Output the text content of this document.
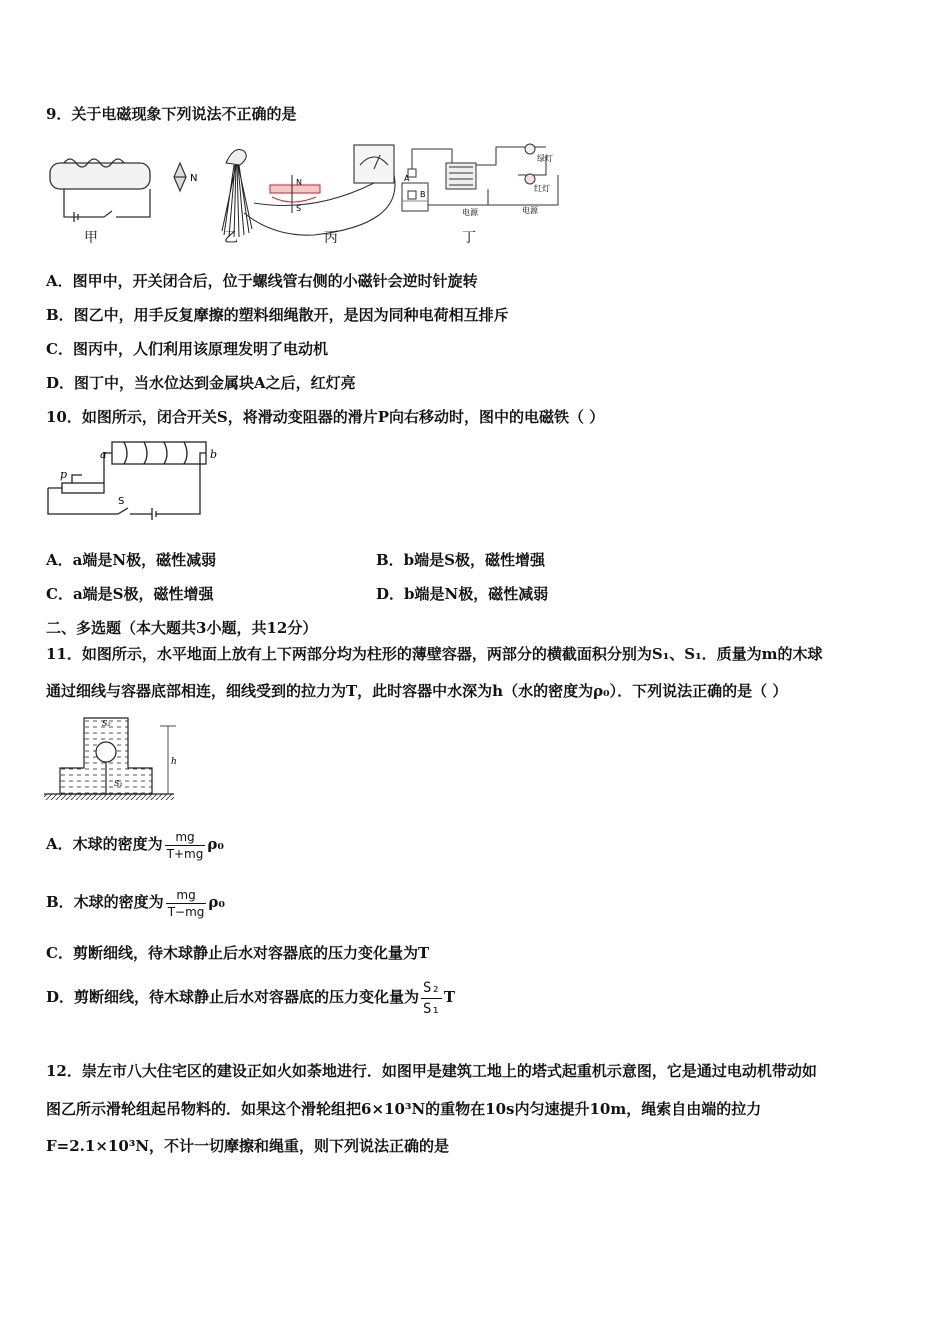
9．关于电磁现象下列说法不正确的是
N	N
S
A
B
绿灯
红灯
电源	电源
甲	乙	丙	丁
A．图甲中，开关闭合后，位于螺线管右侧的小磁针会逆时针旋转
B．图乙中，用手反复摩擦的塑料细绳散开，是因为同种电荷相互排斥
C．图丙中，人们利用该原理发明了电动机
D．图丁中，当水位达到金属块A之后，红灯亮
10．如图所示，闭合开关S，将滑动变阻器的滑片P向右移动时，图中的电磁铁（ ）
a	b
p
S
A．a端是N极，磁性减弱	B．b端是S极，磁性增强
C．a端是S极，磁性增强	D．b端是N极，磁性减弱
二、多选题（本大题共3小题，共12分）
11．如图所示，水平地面上放有上下两部分均为柱形的薄壁容器，两部分的横截面积分别为S₁、S₁．质量为m的木球
通过细线与容器底部相连，细线受到的拉力为T，此时容器中水深为h（水的密度为ρ₀）．下列说法正确的是（ ）
S₂
S₁
h
A．木球的密度为 $\frac{mg}{T+mg} \rho_0$
B．木球的密度为 $\frac{mg}{T-mg} \rho_0$
C．剪断细线，待木球静止后水对容器底的压力变化量为T
D．剪断细线，待木球静止后水对容器底的压力变化量为 $\frac{\text{S₂}}{\text{S₁}}$ T
12．崇左市八大住宅区的建设正如火如荼地进行．如图甲是建筑工地上的塔式起重机示意图，它是通过电动机带动如
图乙所示滑轮组起吊物料的．如果这个滑轮组把6×10³N的重物在10s内匀速提升10m，绳索自由端的拉力
F=2.1×10³N，不计一切摩擦和绳重，则下列说法正确的是
